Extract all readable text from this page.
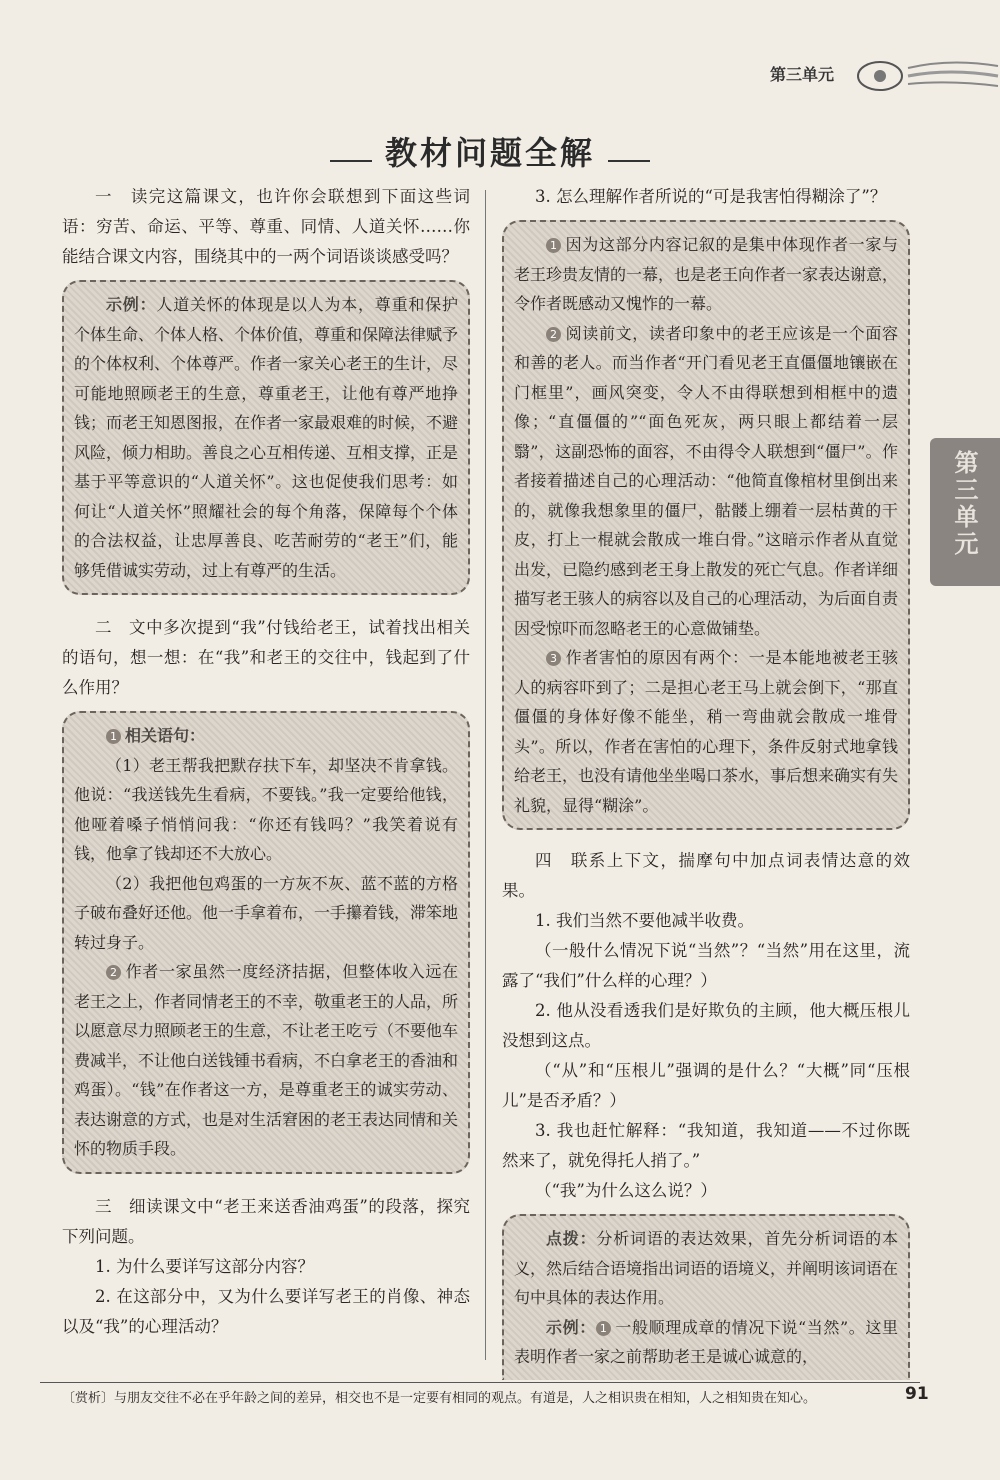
第三单元
教材问题全解

一　读完这篇课文，也许你会联想到下面这些词语：穷苦、命运、平等、尊重、同情、人道关怀……你能结合课文内容，围绕其中的一两个词语谈谈感受吗？

示例：人道关怀的体现是以人为本，尊重和保护个体生命、个体人格、个体价值，尊重和保障法律赋予的个体权利、个体尊严。作者一家关心老王的生计，尽可能地照顾老王的生意，尊重老王，让他有尊严地挣钱；而老王知恩图报，在作者一家最艰难的时候，不避风险，倾力相助。善良之心互相传递、互相支撑，正是基于平等意识的“人道关怀”。这也促使我们思考：如何让“人道关怀”照耀社会的每个角落，保障每个个体的合法权益，让忠厚善良、吃苦耐劳的“老王”们，能够凭借诚实劳动，过上有尊严的生活。

二　文中多次提到“我”付钱给老王，试着找出相关的语句，想一想：在“我”和老王的交往中，钱起到了什么作用？

1 相关语句：

（1）老王帮我把默存扶下车，却坚决不肯拿钱。他说：“我送钱先生看病，不要钱。”我一定要给他钱，他哑着嗓子悄悄问我：“你还有钱吗？”我笑着说有钱，他拿了钱却还不大放心。

（2）我把他包鸡蛋的一方灰不灰、蓝不蓝的方格子破布叠好还他。他一手拿着布，一手攥着钱，滞笨地转过身子。

2 作者一家虽然一度经济拮据，但整体收入远在老王之上，作者同情老王的不幸，敬重老王的人品，所以愿意尽力照顾老王的生意，不让老王吃亏（不要他车费减半，不让他白送钱锺书看病，不白拿老王的香油和鸡蛋）。“钱”在作者这一方，是尊重老王的诚实劳动、表达谢意的方式，也是对生活窘困的老王表达同情和关怀的物质手段。

三　细读课文中“老王来送香油鸡蛋”的段落，探究下列问题。

1. 为什么要详写这部分内容？

2. 在这部分中，又为什么要详写老王的肖像、神态以及“我”的心理活动？

3. 怎么理解作者所说的“可是我害怕得糊涂了”？

1 因为这部分内容记叙的是集中体现作者一家与老王珍贵友情的一幕，也是老王向作者一家表达谢意，令作者既感动又愧怍的一幕。

2 阅读前文，读者印象中的老王应该是一个面容和善的老人。而当作者“开门看见老王直僵僵地镶嵌在门框里”，画风突变，令人不由得联想到相框中的遗像；“直僵僵的”“面色死灰，两只眼上都结着一层翳”，这副恐怖的面容，不由得令人联想到“僵尸”。作者接着描述自己的心理活动：“他简直像棺材里倒出来的，就像我想象里的僵尸，骷髅上绷着一层枯黄的干皮，打上一棍就会散成一堆白骨。”这暗示作者从直觉出发，已隐约感到老王身上散发的死亡气息。作者详细描写老王骇人的病容以及自己的心理活动，为后面自责因受惊吓而忽略老王的心意做铺垫。

3 作者害怕的原因有两个：一是本能地被老王骇人的病容吓到了；二是担心老王马上就会倒下，“那直僵僵的身体好像不能坐，稍一弯曲就会散成一堆骨头”。所以，作者在害怕的心理下，条件反射式地拿钱给老王，也没有请他坐坐喝口茶水，事后想来确实有失礼貌，显得“糊涂”。

四　联系上下文，揣摩句中加点词表情达意的效果。

1. 我们当然不要他减半收费。

（一般什么情况下说“当然”？“当然”用在这里，流露了“我们”什么样的心理？）

2. 他从没看透我们是好欺负的主顾，他大概压根儿没想到这点。

（“从”和“压根儿”强调的是什么？“大概”同“压根儿”是否矛盾？）

3. 我也赶忙解释：“我知道，我知道——不过你既然来了，就免得托人捎了。”

（“我”为什么这么说？）

点拨：分析词语的表达效果，首先分析词语的本义，然后结合语境指出词语的语境义，并阐明该词语在句中具体的表达作用。

示例： 1 一般顺理成章的情况下说“当然”。这里表明作者一家之前帮助老王是诚心诚意的，

第三单元
〔赏析〕与朋友交往不必在乎年龄之间的差异，相交也不是一定要有相同的观点。有道是，人之相识贵在相知，人之相知贵在知心。	91
